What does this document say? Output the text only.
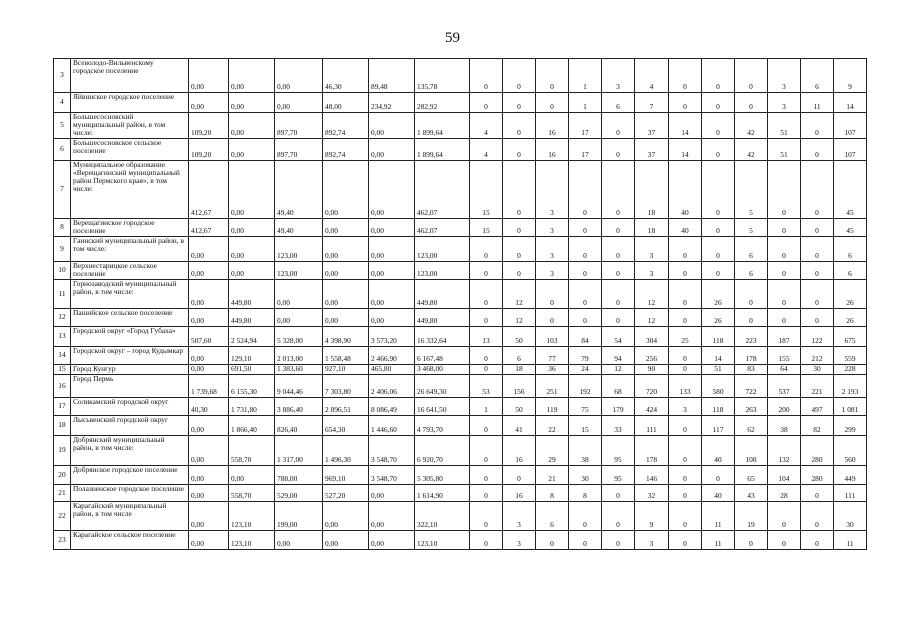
59
3	Всеволодо-Вильвенскому городское поселение	0,00	0,00	0,00	46,30	89,48	135,78	0	0	0	1	3	4	0	0	0	3	6	9
4	Яйвинское городское поселение	0,00	0,00	0,00	48,00	234,92	282,92	0	0	0	1	6	7	0	0	0	3	11	14
5	Большесосновский муниципальный район, в том числе:	109,20	0,00	897,70	892,74	0,00	1 899,64	4	0	16	17	0	37	14	0	42	51	0	107
6	Большесосновское сельское поселение	109,20	0,00	897,70	892,74	0,00	1 899,64	4	0	16	17	0	37	14	0	42	51	0	107
7	Муниципальное образование «Верещагинский муниципальный район Пермского края», в том числе:	412,67	0,00	49,40	0,00	0,00	462,07	15	0	3	0	0	18	40	0	5	0	0	45
8	Верещагинское городское поселение	412,67	0,00	49,40	0,00	0,00	462,07	15	0	3	0	0	18	40	0	5	0	0	45
9	Гаинский муниципальный район, в том числе:	0,00	0,00	123,00	0,00	0,00	123,00	0	0	3	0	0	3	0	0	6	0	0	6
10	Верхнестарицкое сельское поселение	0,00	0,00	123,00	0,00	0,00	123,00	0	0	3	0	0	3	0	0	6	0	0	6
11	Горнозаводский муниципальный район, в том числе:	0,00	449,80	0,00	0,00	0,00	449,80	0	12	0	0	0	12	0	26	0	0	0	26
12	Пашийское сельское поселение	0,00	449,80	0,00	0,00	0,00	449,80	0	12	0	0	0	12	0	26	0	0	0	26
13	Городской округ «Город Губаха»	507,60	2 524,94	5 328,00	4 398,90	3 573,20	16 332,64	13	50	103	84	54	304	25	118	223	187	122	675
14	Городской округ – город Кудымкар	0,00	129,10	2 013,00	1 558,48	2 466,90	6 167,48	0	6	77	79	94	256	0	14	178	155	212	559
15	Город Кунгур	0,00	691,50	1 383,60	927,10	465,80	3 468,00	0	18	36	24	12	90	0	51	83	64	30	228
16	Город Пермь	1 739,68	6 155,30	9 044,46	7 303,80	2 406,06	26 649,30	53	156	251	192	68	720	133	580	722	537	221	2 193
17	Соликамский городской округ	40,30	1 731,80	3 886,40	2 896,51	8 086,49	16 641,50	1	50	119	75	179	424	3	118	263	200	497	1 081
18	Лысьвенский городской округ	0,00	1 866,40	826,40	654,30	1 446,60	4 793,70	0	41	22	15	33	111	0	117	62	38	82	299
19	Добрянский муниципальный район, в том числе:	0,00	558,70	1 317,00	1 496,30	3 548,70	6 920,70	0	16	29	38	95	178	0	40	108	132	280	560
20	Добрянское городское поселение	0,00	0,00	788,00	969,10	3 548,70	5 305,80	0	0	21	30	95	146	0	0	65	104	280	449
21	Полазненское городское поселение	0,00	558,70	529,00	527,20	0,00	1 614,90	0	16	8	8	0	32	0	40	43	28	0	111
22	Карагайский муниципальный район, в том числе	0,00	123,10	199,00	0,00	0,00	322,10	0	3	6	0	0	9	0	11	19	0	0	30
23	Карагайское сельское поселение	0,00	123,10	0,00	0,00	0,00	123,10	0	3	0	0	0	3	0	11	0	0	0	11
